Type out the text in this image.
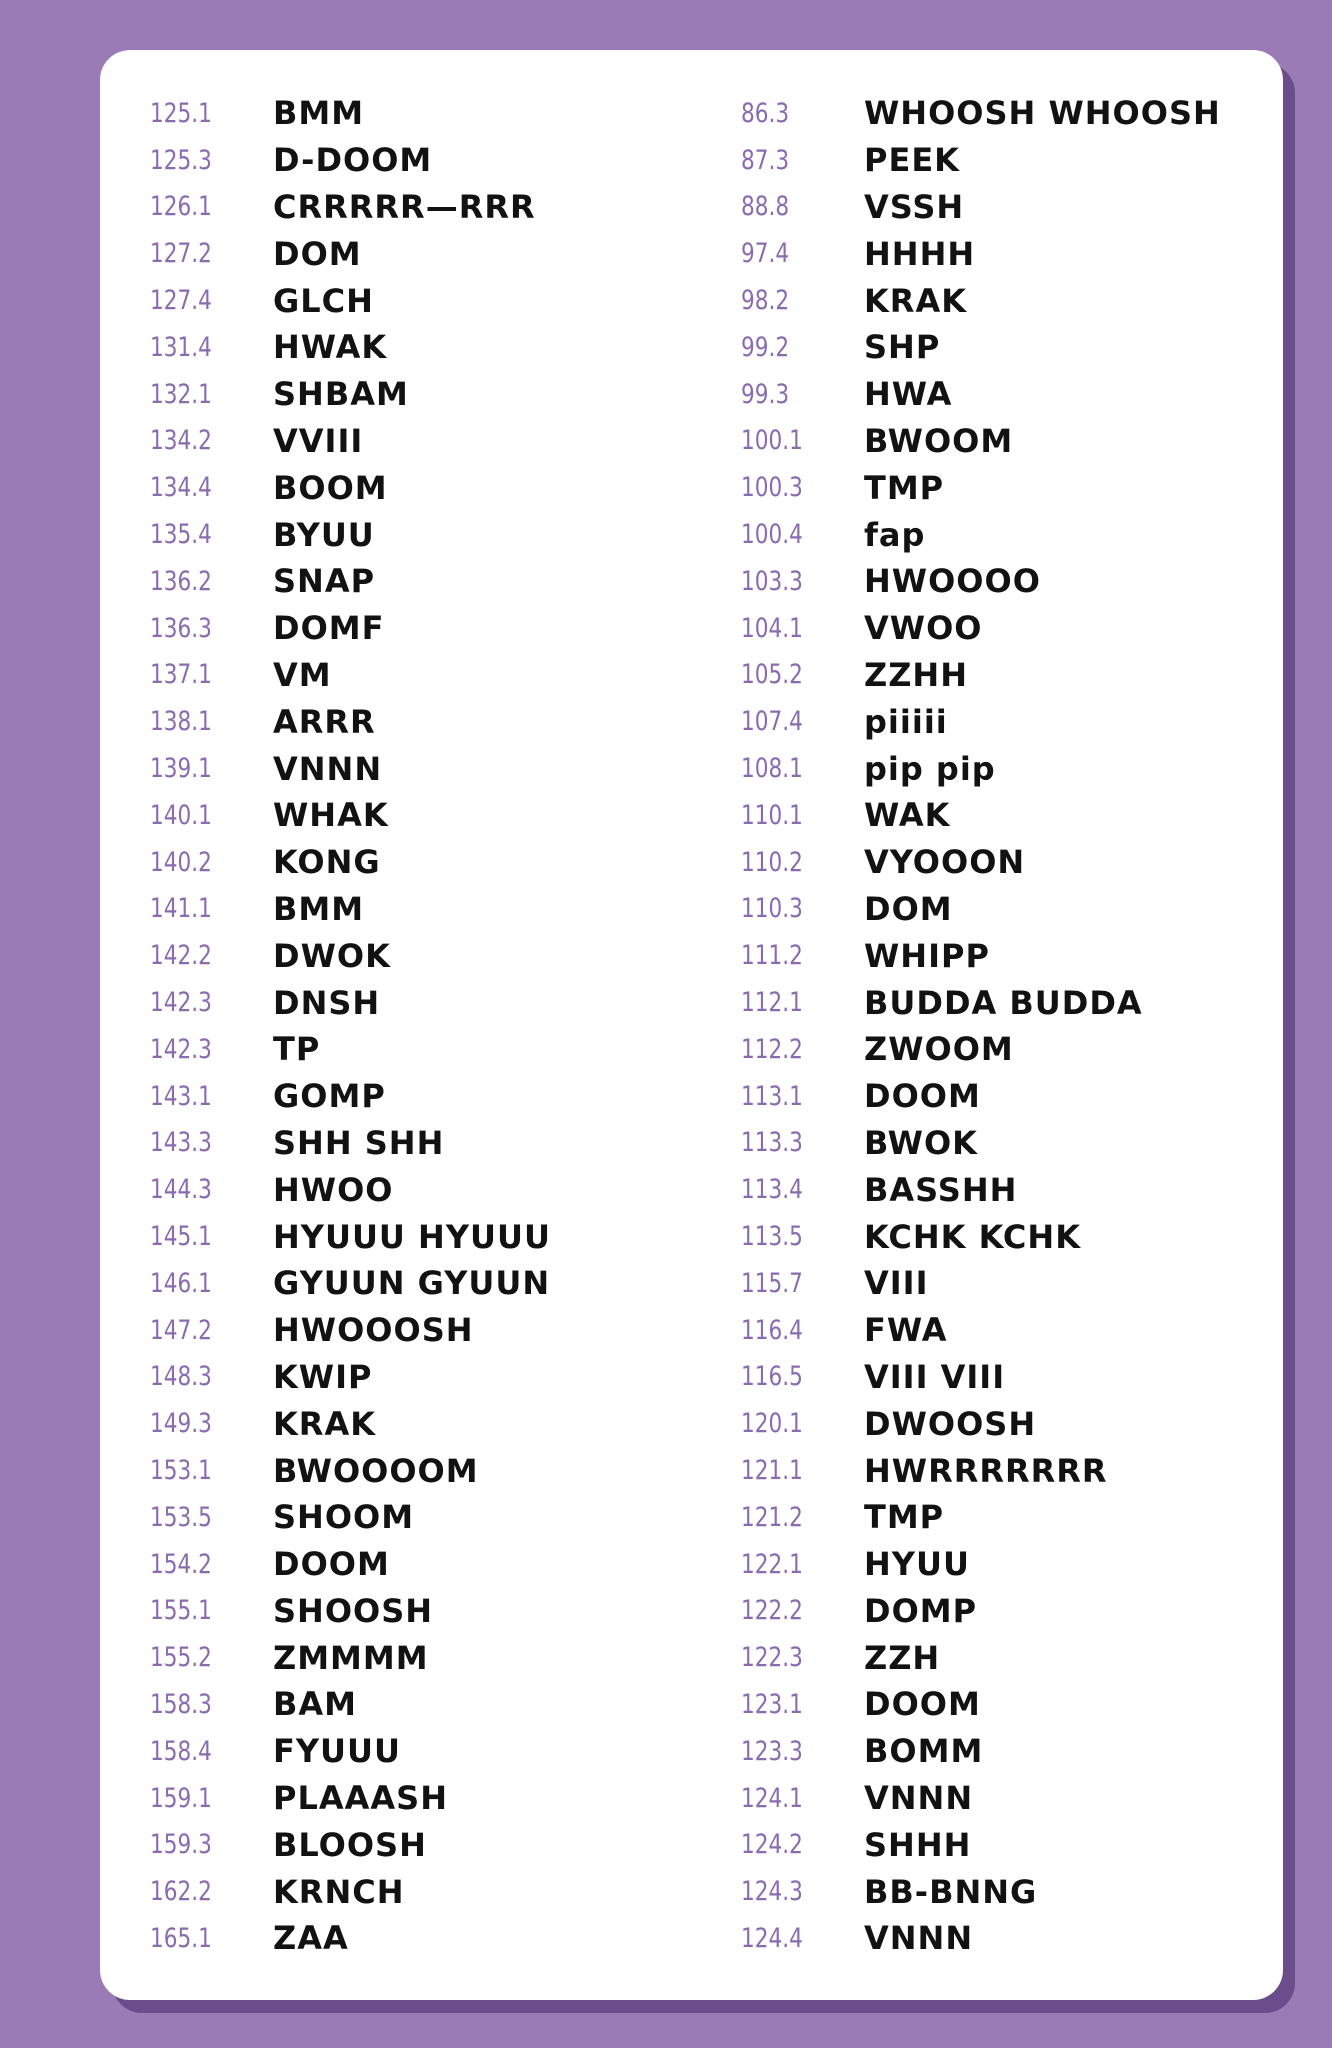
125.1	BMM
125.3	D-DOOM
126.1	CRRRRR—RRR
127.2	DOM
127.4	GLCH
131.4	HWAK
132.1	SHBAM
134.2	VVIII
134.4	BOOM
135.4	BYUU
136.2	SNAP
136.3	DOMF
137.1	VM
138.1	ARRR
139.1	VNNN
140.1	WHAK
140.2	KONG
141.1	BMM
142.2	DWOK
142.3	DNSH
142.3	TP
143.1	GOMP
143.3	SHH SHH
144.3	HWOO
145.1	HYUUU HYUUU
146.1	GYUUN GYUUN
147.2	HWOOOSH
148.3	KWIP
149.3	KRAK
153.1	BWOOOOM
153.5	SHOOM
154.2	DOOM
155.1	SHOOSH
155.2	ZMMMM
158.3	BAM
158.4	FYUUU
159.1	PLAAASH
159.3	BLOOSH
162.2	KRNCH
165.1	ZAA
86.3	WHOOSH WHOOSH
87.3	PEEK
88.8	VSSH
97.4	HHHH
98.2	KRAK
99.2	SHP
99.3	HWA
100.1	BWOOM
100.3	TMP
100.4	fap
103.3	HWOOOO
104.1	VWOO
105.2	ZZHH
107.4	piiiii
108.1	pip pip
110.1	WAK
110.2	VYOOON
110.3	DOM
111.2	WHIPP
112.1	BUDDA BUDDA
112.2	ZWOOM
113.1	DOOM
113.3	BWOK
113.4	BASSHH
113.5	KCHK KCHK
115.7	VIII
116.4	FWA
116.5	VIII VIII
120.1	DWOOSH
121.1	HWRRRRRRR
121.2	TMP
122.1	HYUU
122.2	DOMP
122.3	ZZH
123.1	DOOM
123.3	BOMM
124.1	VNNN
124.2	SHHH
124.3	BB-BNNG
124.4	VNNN
